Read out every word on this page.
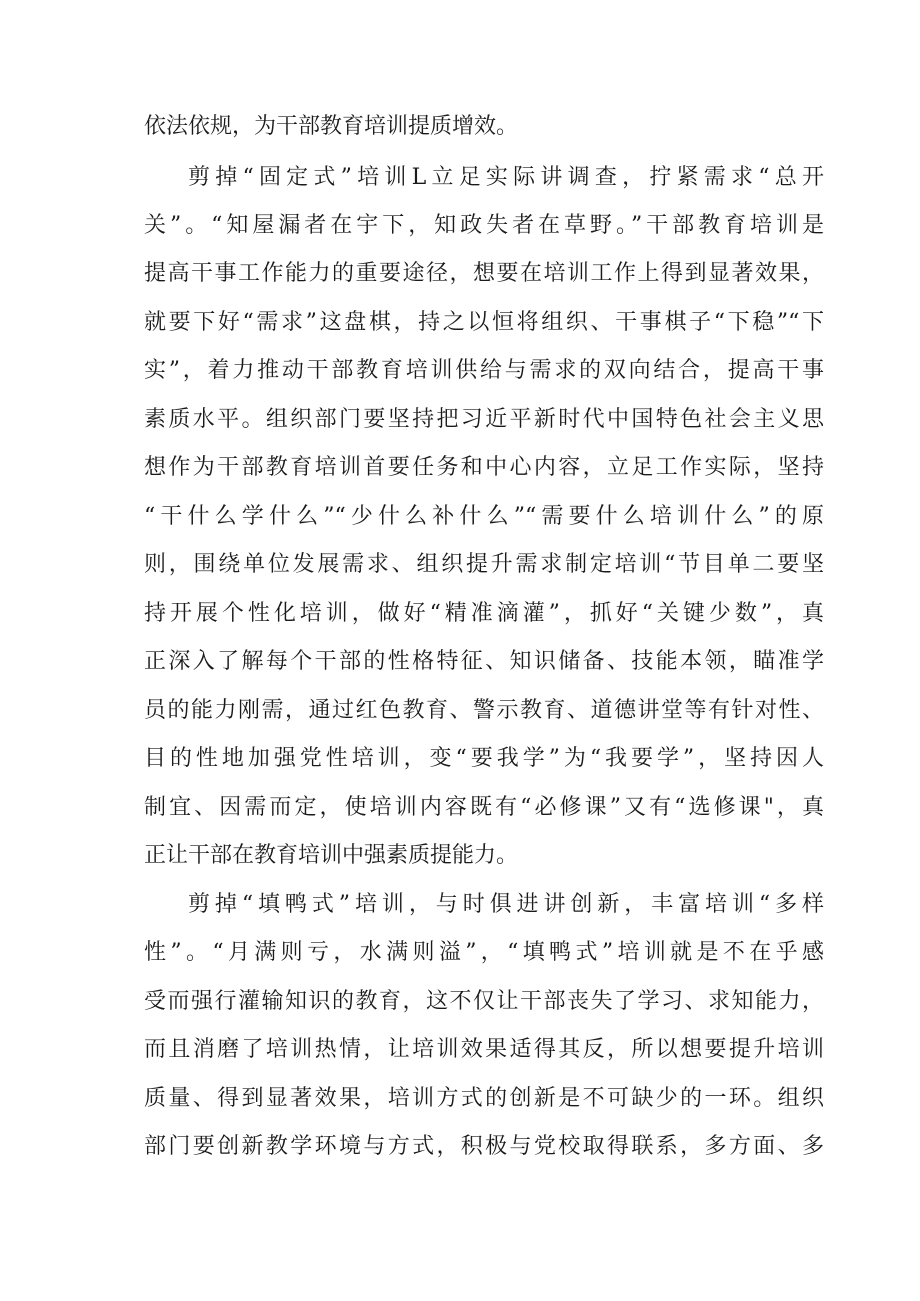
依法依规，为干部教育培训提质增效。
剪掉“固定式”培训L立足实际讲调查，拧紧需求“总开
关”。“知屋漏者在宇下，知政失者在草野。”干部教育培训是
提高干事工作能力的重要途径，想要在培训工作上得到显著效果，
就要下好“需求”这盘棋，持之以恒将组织、干事棋子“下稳”“下
实”，着力推动干部教育培训供给与需求的双向结合，提高干事
素质水平。组织部门要坚持把习近平新时代中国特色社会主义思
想作为干部教育培训首要任务和中心内容，立足工作实际，坚持
“干什么学什么”“少什么补什么”“需要什么培训什么”的原
则，围绕单位发展需求、组织提升需求制定培训“节目单二要坚
持开展个性化培训，做好“精准滴灌”，抓好“关键少数”，真
正深入了解每个干部的性格特征、知识储备、技能本领，瞄准学
员的能力刚需，通过红色教育、警示教育、道德讲堂等有针对性、
目的性地加强党性培训，变“要我学”为“我要学”，坚持因人
制宜、因需而定，使培训内容既有“必修课”又有“选修课"，真
正让干部在教育培训中强素质提能力。
剪掉“填鸭式”培训，与时俱进讲创新，丰富培训“多样
性”。“月满则亏，水满则溢”，“填鸭式”培训就是不在乎感
受而强行灌输知识的教育，这不仅让干部丧失了学习、求知能力，
而且消磨了培训热情，让培训效果适得其反，所以想要提升培训
质量、得到显著效果，培训方式的创新是不可缺少的一环。组织
部门要创新教学环境与方式，积极与党校取得联系，多方面、多
